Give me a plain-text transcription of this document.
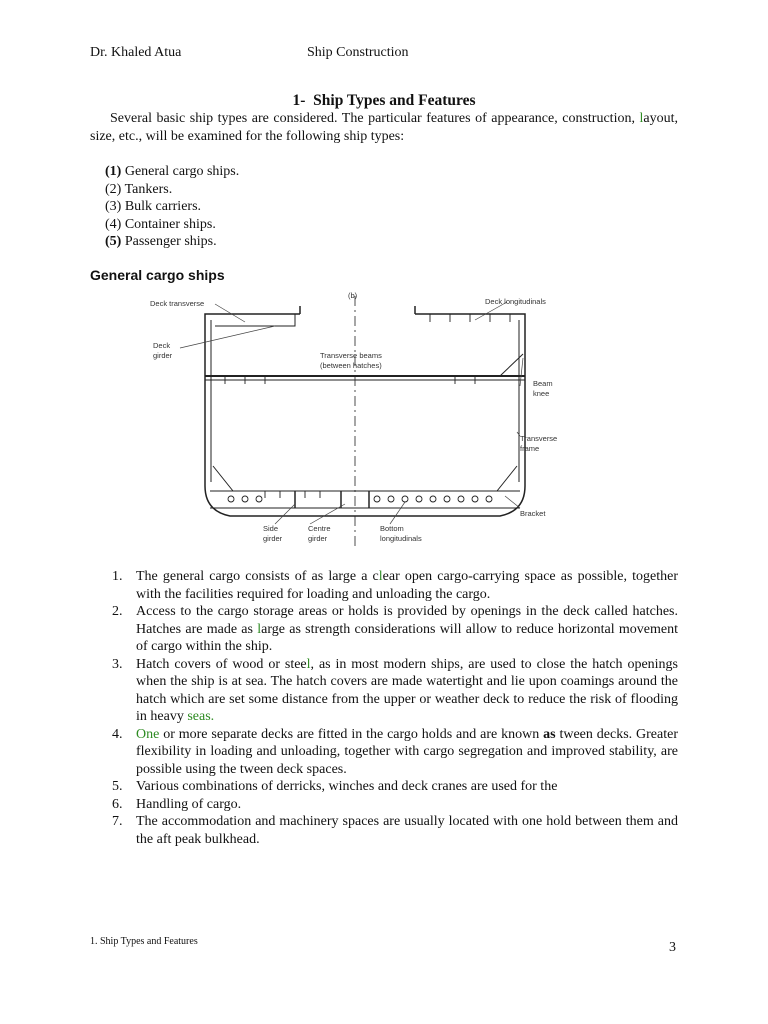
Dr. Khaled Atua	Ship Construction
1- Ship Types and Features

Several basic ship types are considered. The particular features of appearance, construction, layout, size, etc., will be examined for the following ship types:

(1) General cargo ships.
(2) Tankers.
(3) Bulk carriers.
(4) Container ships.
(5) Passenger ships.
General cargo ships
Deck transverse
(b)
Deck longitudinals
Deck
girder	Transverse beams
(between hatches)
Beam
knee
Transverse
frame
Bracket
Side
girder
Centre
girder
Bottom
longitudinals
1. The general cargo consists of as large a clear open cargo-carrying space as possible, together with the facilities required for loading and unloading the cargo.
2. Access to the cargo storage areas or holds is provided by openings in the deck called hatches. Hatches are made as large as strength considerations will allow to reduce horizontal movement of cargo within the ship.
3. Hatch covers of wood or steel, as in most modern ships, are used to close the hatch openings when the ship is at sea. The hatch covers are made watertight and lie upon coamings around the hatch which are set some distance from the upper or weather deck to reduce the risk of flooding in heavy seas.
4. One or more separate decks are fitted in the cargo holds and are known as tween decks. Greater flexibility in loading and unloading, together with cargo segregation and improved stability, are possible using the tween deck spaces.
5. Various combinations of derricks, winches and deck cranes are used for the
6. Handling of cargo.
7. The accommodation and machinery spaces are usually located with one hold between them and the aft peak bulkhead.
1. Ship Types and Features	3
